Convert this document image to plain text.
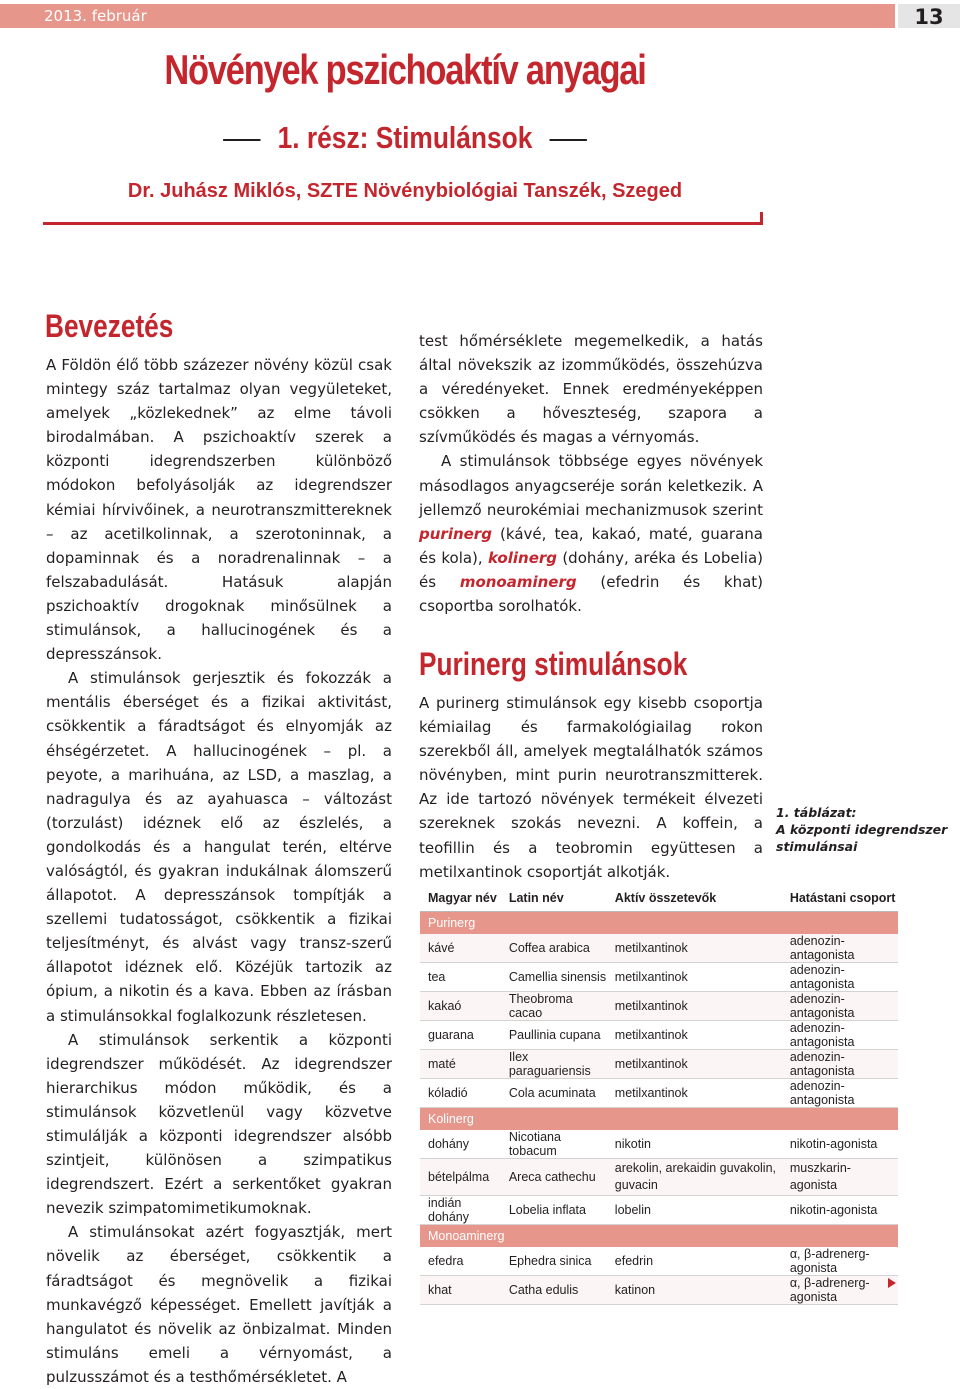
2013. február	13
Növények pszichoaktív anyagai
1. rész: Stimulánsok
Dr. Juhász Miklós, SZTE Növénybiológiai Tanszék, Szeged
Bevezetés

A Földön élő több százezer növény közül csak mintegy száz tartalmaz olyan vegyületeket, amelyek „közlekednek” az elme távoli birodalmában. A pszichoaktív szerek a központi idegrendszerben különböző módokon befolyásolják az idegrendszer kémiai hírvivőinek, a neurotranszmittereknek – az acetilkolinnak, a szerotoninnak, a dopaminnak és a noradrenalinnak – a felszabadulását. Hatásuk alapján pszichoaktív drogoknak minősülnek a stimulánsok, a hallucinogének és a depresszánsok.

A stimulánsok gerjesztik és fokozzák a mentális éberséget és a fizikai aktivitást, csökkentik a fáradtságot és elnyomják az éhségérzetet. A hallucinogének – pl. a peyote, a marihuána, az LSD, a maszlag, a nadragulya és az ayahuasca – változást (torzulást) idéznek elő az észlelés, a gondolkodás és a hangulat terén, eltérve valóságtól, és gyakran indukálnak álomszerű állapotot. A depresszánsok tompítják a szellemi tudatosságot, csökkentik a fizikai teljesítményt, és alvást vagy transz-szerű állapotot idéznek elő. Közéjük tartozik az ópium, a nikotin és a kava. Ebben az írásban a stimulánsokkal foglalkozunk részletesen.

A stimulánsok serkentik a központi idegrendszer működését. Az idegrendszer hierarchikus módon működik, és a stimulánsok közvetlenül vagy közvetve stimulálják a központi idegrendszer alsóbb szintjeit, különösen a szimpatikus idegrendszert. Ezért a serkentőket gyakran nevezik szimpatomimetikumoknak.

A stimulánsokat azért fogyasztják, mert növelik az éberséget, csökkentik a fáradtságot és megnövelik a fizikai munkavégző képességet. Emellett javítják a hangulatot és növelik az önbizalmat. Minden stimuláns emeli a vérnyomást, a pulzusszámot és a testhőmérsékletet. A

test hőmérséklete megemelkedik, a hatás által növekszik az izomműködés, összehúzva a véredényeket. Ennek eredményeképpen csökken a hőveszteség, szapora a szívműködés és magas a vérnyomás.

A stimulánsok többsége egyes növények másodlagos anyagcseréje során keletkezik. A jellemző neurokémiai mechanizmusok szerint purinerg (kávé, tea, kakaó, maté, guarana és kola), kolinerg (dohány, aréka és Lobelia) és monoaminerg (efedrin és khat) csoportba sorolhatók.

Purinerg stimulánsok

A purinerg stimulánsok egy kisebb csoportja kémiailag és farmakológiailag rokon szerekből áll, amelyek megtalálhatók számos növényben, mint purin neurotranszmitterek. Az ide tartozó növények termékeit élvezeti szereknek szokás nevezni. A koffein, a teofillin és a teobromin együttesen a metilxantinok csoportját alkotják.

1. táblázat:
A központi idegrendszer stimulánsai
Magyar név	Latin név	Aktív összetevők	Hatástani csoport
Purinerg			
kávé	Coffea arabica	metilxantinok	adenozin-antagonista
tea	Camellia sinensis	metilxantinok	adenozin-antagonista
kakaó	Theobroma cacao	metilxantinok	adenozin-antagonista
guarana	Paullinia cupana	metilxantinok	adenozin-antagonista
maté	Ilex paraguariensis	metilxantinok	adenozin-antagonista
kóladió	Cola acuminata	metilxantinok	adenozin-antagonista
Kolinerg			
dohány	Nicotiana tobacum	nikotin	nikotin-agonista
bételpálma	Areca cathechu	arekolin, arekaidin guvakolin, guvacin	muszkarin-agonista
indián dohány	Lobelia inflata	lobelin	nikotin-agonista
Monoaminerg			
efedra	Ephedra sinica	efedrin	α, β-adrenerg-agonista
khat	Catha edulis	katinon	α, β-adrenerg-agonista
